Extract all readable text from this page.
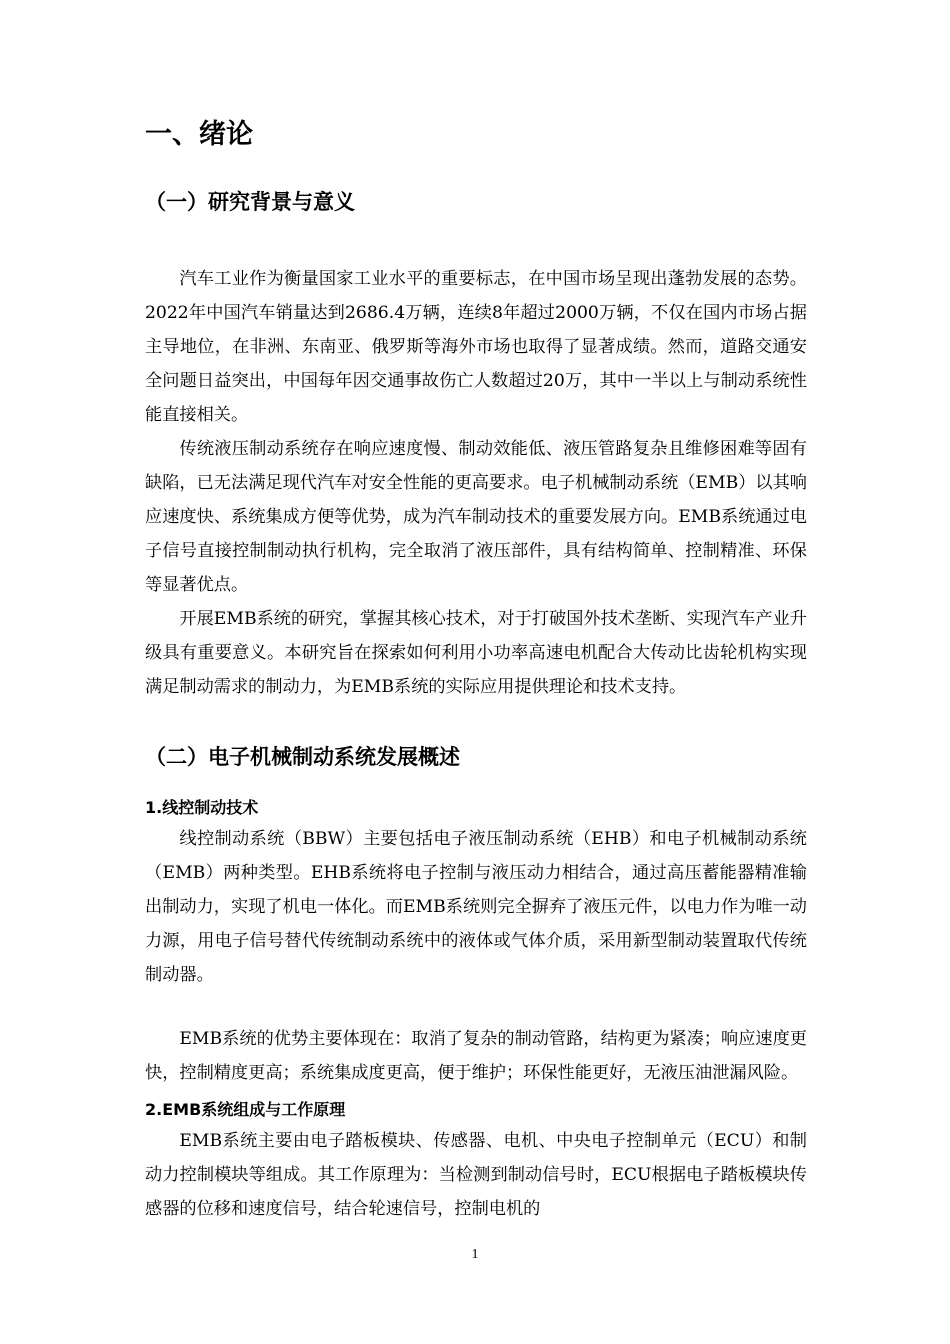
一、绪论
（一）研究背景与意义

汽车工业作为衡量国家工业水平的重要标志，在中国市场呈现出蓬勃发展的态势。2022年中国汽车销量达到2686.4万辆，连续8年超过2000万辆，不仅在国内市场占据主导地位，在非洲、东南亚、俄罗斯等海外市场也取得了显著成绩。然而，道路交通安全问题日益突出，中国每年因交通事故伤亡人数超过20万，其中一半以上与制动系统性能直接相关。

传统液压制动系统存在响应速度慢、制动效能低、液压管路复杂且维修困难等固有缺陷，已无法满足现代汽车对安全性能的更高要求。电子机械制动系统（EMB）以其响应速度快、系统集成方便等优势，成为汽车制动技术的重要发展方向。EMB系统通过电子信号直接控制制动执行机构，完全取消了液压部件，具有结构简单、控制精准、环保等显著优点。

开展EMB系统的研究，掌握其核心技术，对于打破国外技术垄断、实现汽车产业升级具有重要意义。本研究旨在探索如何利用小功率高速电机配合大传动比齿轮机构实现满足制动需求的制动力，为EMB系统的实际应用提供理论和技术支持。

（二）电子机械制动系统发展概述
1.线控制动技术

线控制动系统（BBW）主要包括电子液压制动系统（EHB）和电子机械制动系统（EMB）两种类型。EHB系统将电子控制与液压动力相结合，通过高压蓄能器精准输出制动力，实现了机电一体化。而EMB系统则完全摒弃了液压元件，以电力作为唯一动力源，用电子信号替代传统制动系统中的液体或气体介质，采用新型制动装置取代传统制动器。

EMB系统的优势主要体现在：取消了复杂的制动管路，结构更为紧凑；响应速度更快，控制精度更高；系统集成度更高，便于维护；环保性能更好，无液压油泄漏风险。

2.EMB系统组成与工作原理

EMB系统主要由电子踏板模块、传感器、电机、中央电子控制单元（ECU）和制动力控制模块等组成。其工作原理为：当检测到制动信号时，ECU根据电子踏板模块传感器的位移和速度信号，结合轮速信号，控制电机的

1
